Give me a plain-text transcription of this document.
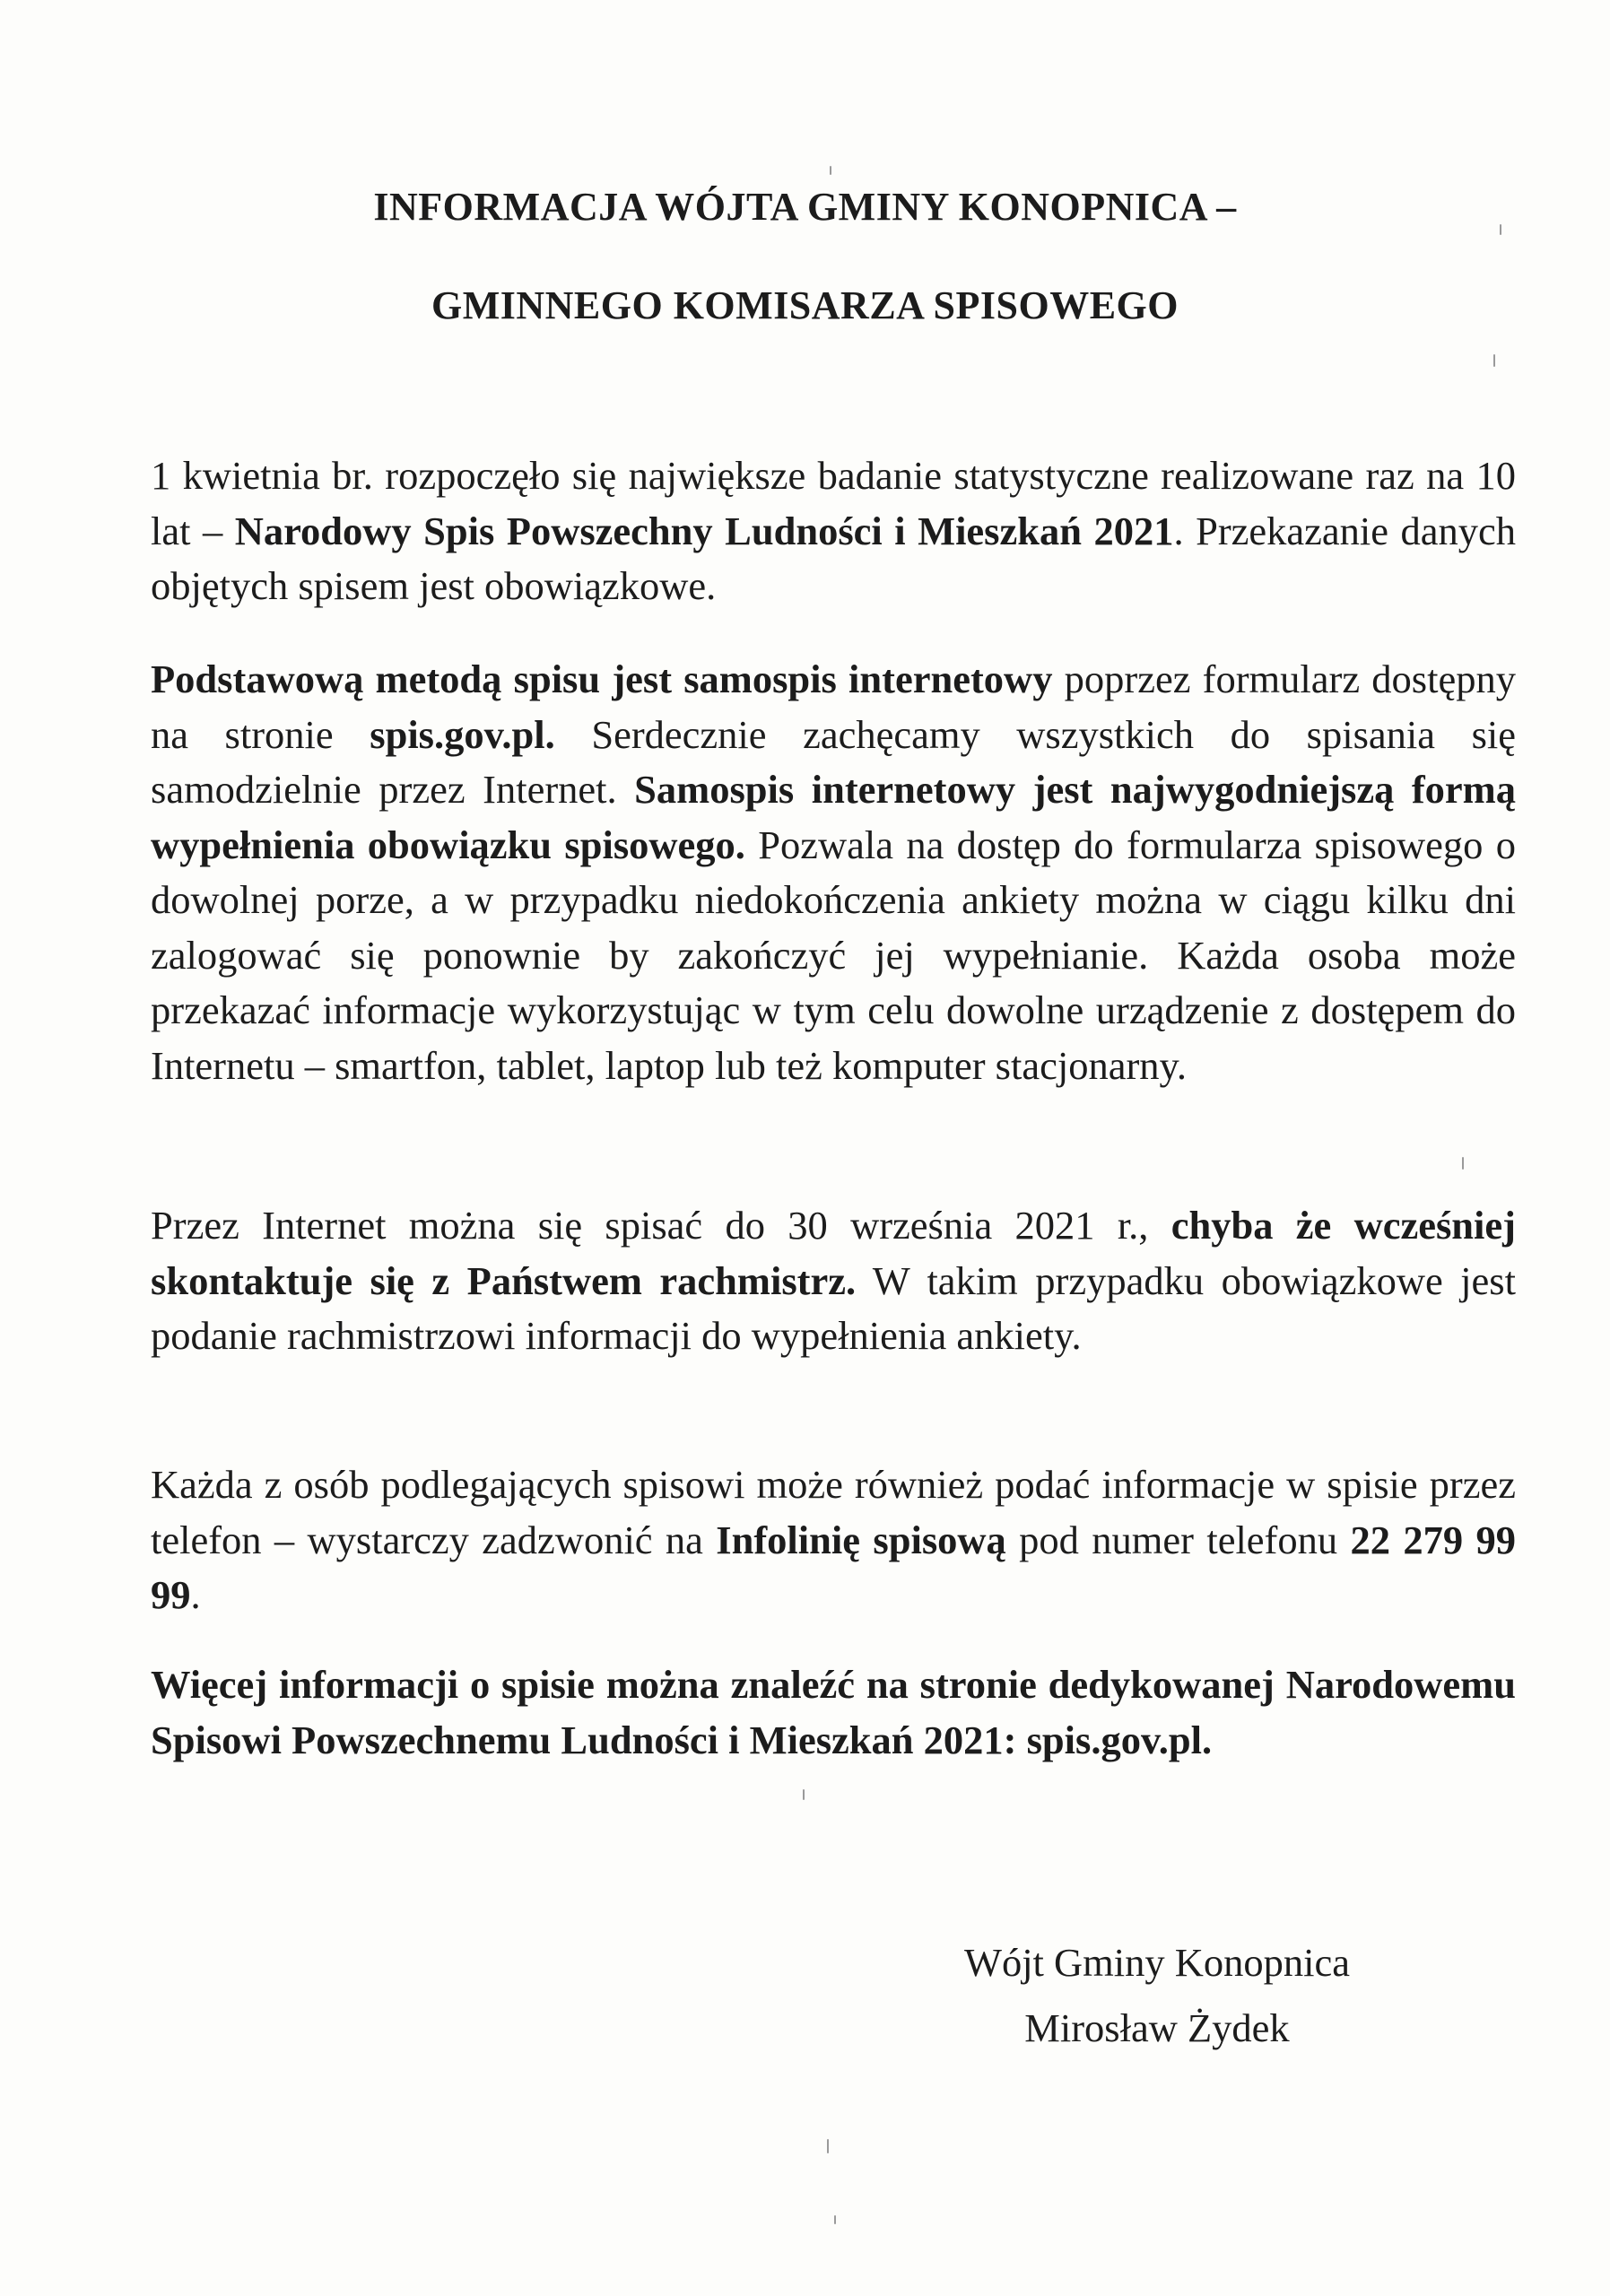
INFORMACJA WÓJTA GMINY KONOPNICA –
GMINNEGO KOMISARZA SPISOWEGO

1 kwietnia br. rozpoczęło się największe badanie statystyczne realizowane raz na 10 lat – Narodowy Spis Powszechny Ludności i Mieszkań 2021. Przekazanie danych objętych spisem jest obowiązkowe.

Podstawową metodą spisu jest samospis internetowy poprzez formularz dostępny na stronie spis.gov.pl. Serdecznie zachęcamy wszystkich do spisania się samodzielnie przez Internet. Samospis internetowy jest najwygodniejszą formą wypełnienia obowiązku spisowego. Pozwala na dostęp do formularza spisowego o dowolnej porze, a w przypadku niedokończenia ankiety można w ciągu kilku dni zalogować się ponownie by zakończyć jej wypełnianie. Każda osoba może przekazać informacje wykorzystując w tym celu dowolne urządzenie z dostępem do Internetu – smartfon, tablet, laptop lub też komputer stacjonarny.

Przez Internet można się spisać do 30 września 2021 r., chyba że wcześniej skontaktuje się z Państwem rachmistrz. W takim przypadku obowiązkowe jest podanie rachmistrzowi informacji do wypełnienia ankiety.

Każda z osób podlegających spisowi może również podać informacje w spisie przez telefon – wystarczy zadzwonić na Infolinię spisową pod numer telefonu 22 279 99 99.

Więcej informacji o spisie można znaleźć na stronie dedykowanej Narodowemu Spisowi Powszechnemu Ludności i Mieszkań 2021: spis.gov.pl.

Wójt Gminy Konopnica

Mirosław Żydek
